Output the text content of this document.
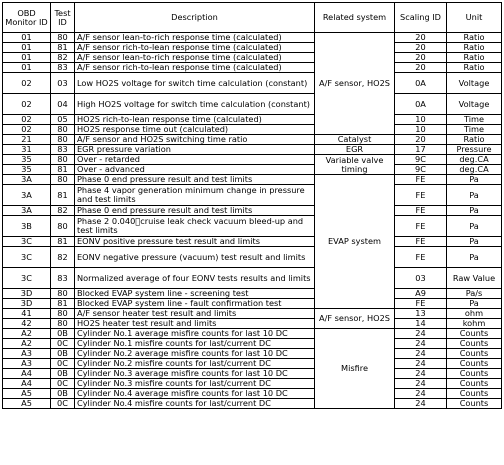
OBD Monitor ID	Test ID	Description	Related system	Scaling ID	Unit
01	80	A/F sensor lean-to-rich response time (calculated)	A/F sensor, HO2S	20	Ratio
01	81	A/F sensor rich-to-lean response time (calculated)		20	Ratio
01	82	A/F sensor lean-to-rich response time (calculated)		20	Ratio
01	83	A/F sensor rich-to-lean response time (calculated)		20	Ratio
02	03	Low HO2S voltage for switch time calculation (constant)		0A	Voltage
02	04	High HO2S voltage for switch time calculation (constant)		0A	Voltage
02	05	HO2S rich-to-lean response time (calculated)		10	Time
02	80	HO2S response time out (calculated)		10	Time
21	80	A/F sensor and HO2S switching time ratio	Catalyst	20	Ratio
31	83	EGR pressure variation	EGR	17	Pressure
35	80	Over - retarded	Variable valve timing	9C	deg.CA
35	81	Over - advanced		9C	deg.CA
3A	80	Phase 0 end pressure result and test limits	EVAP system	FE	Pa
3A	81	Phase 4 vapor generation minimum change in pressure and test limits		FE	Pa
3A	82	Phase 0 end pressure result and test limits		FE	Pa
3B	80	Phase 2 0.040 cruise leak check vacuum bleed-up and test limits		FE	Pa
3C	81	EONV positive pressure test result and limits		FE	Pa
3C	82	EONV negative pressure (vacuum) test result and limits		FE	Pa
3C	83	Normalized average of four EONV tests results and limits		03	Raw Value
3D	80	Blocked EVAP system line - screening test		A9	Pa/s
3D	81	Blocked EVAP system line - fault confirmation test		FE	Pa
41	80	A/F sensor heater test result and limits	A/F sensor, HO2S	13	ohm
42	80	HO2S heater test result and limits		14	kohm
A2	0B	Cylinder No.1 average misfire counts for last 10 DC	Misfire	24	Counts
A2	0C	Cylinder No.1 misfire counts for last/current DC		24	Counts
A3	0B	Cylinder No.2 average misfire counts for last 10 DC		24	Counts
A3	0C	Cylinder No.2 misfire counts for last/current DC		24	Counts
A4	0B	Cylinder No.3 average misfire counts for last 10 DC		24	Counts
A4	0C	Cylinder No.3 misfire counts for last/current DC		24	Counts
A5	0B	Cylinder No.4 average misfire counts for last 10 DC		24	Counts
A5	0C	Cylinder No.4 misfire counts for last/current DC		24	Counts
